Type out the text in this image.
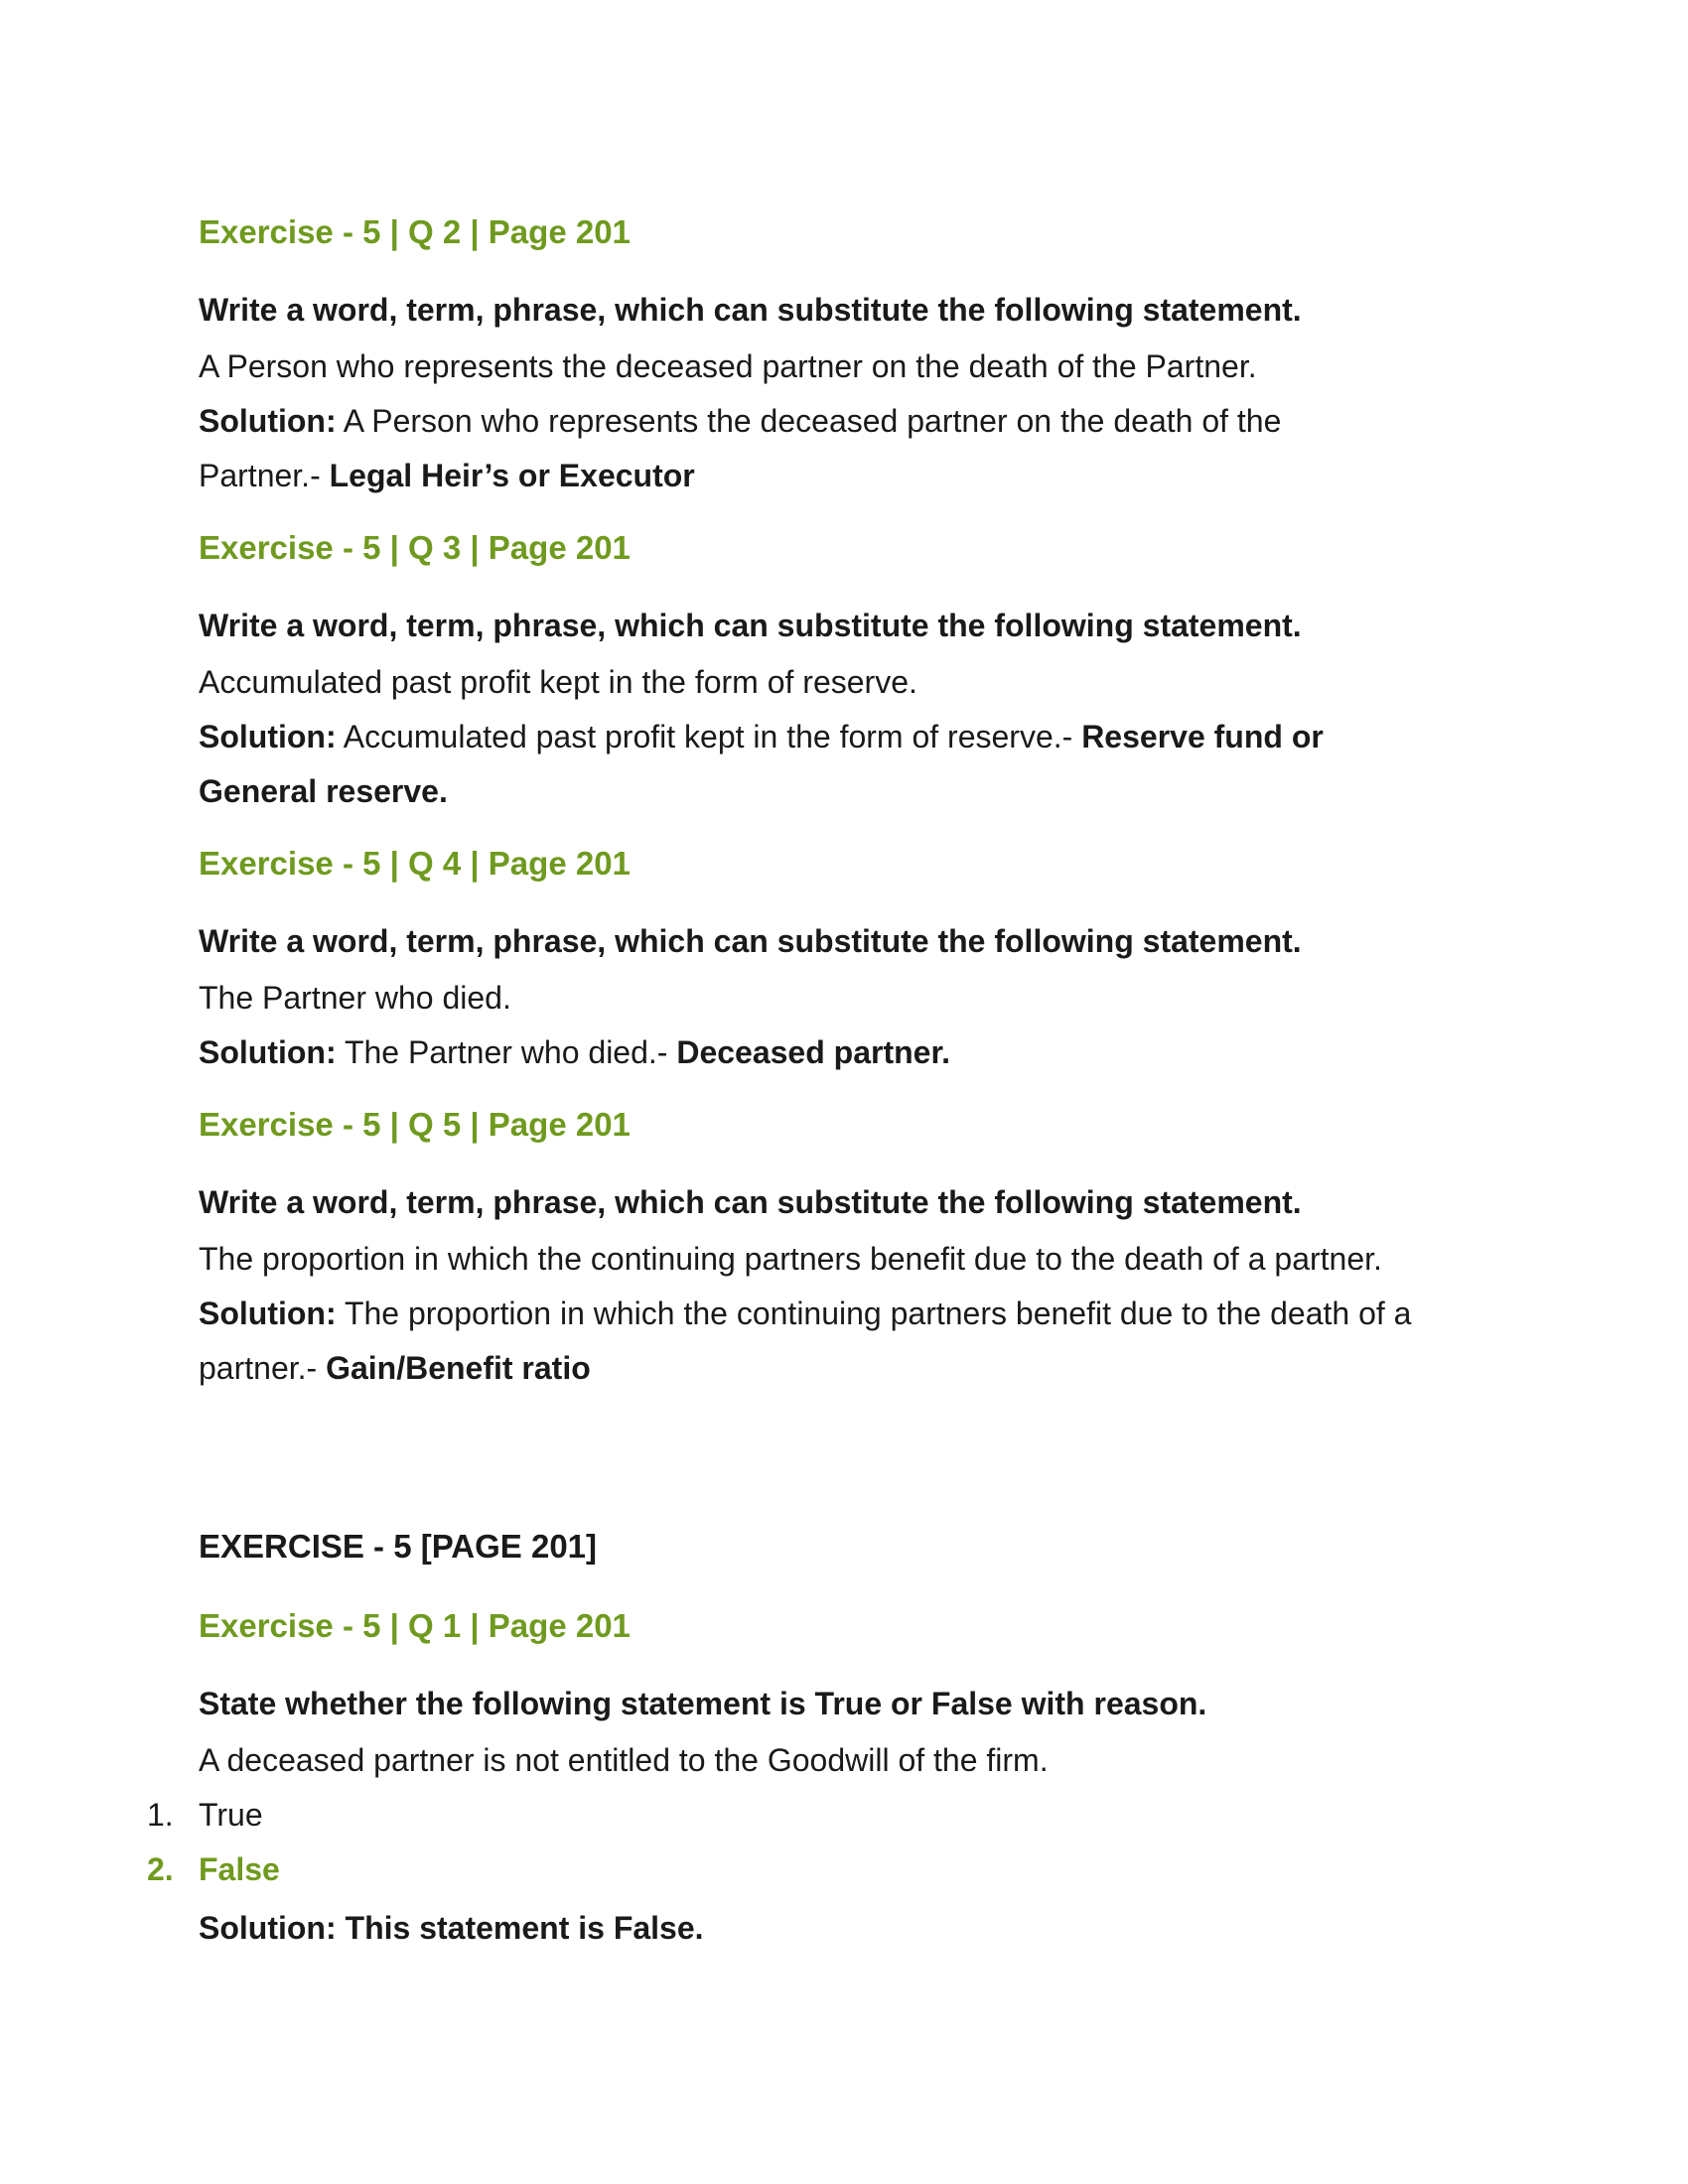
Exercise - 5 | Q 2 | Page 201

Write a word, term, phrase, which can substitute the following statement.

A Person who represents the deceased partner on the death of the Partner.

Solution: A Person who represents the deceased partner on the death of the

Partner.- Legal Heir’s or Executor

Exercise - 5 | Q 3 | Page 201

Write a word, term, phrase, which can substitute the following statement.

Accumulated past profit kept in the form of reserve.

Solution: Accumulated past profit kept in the form of reserve.- Reserve fund or

General reserve.

Exercise - 5 | Q 4 | Page 201

Write a word, term, phrase, which can substitute the following statement.

The Partner who died.

Solution: The Partner who died.- Deceased partner.

Exercise - 5 | Q 5 | Page 201

Write a word, term, phrase, which can substitute the following statement.

The proportion in which the continuing partners benefit due to the death of a partner.

Solution: The proportion in which the continuing partners benefit due to the death of a

partner.- Gain/Benefit ratio

EXERCISE - 5 [PAGE 201]

Exercise - 5 | Q 1 | Page 201

State whether the following statement is True or False with reason.

A deceased partner is not entitled to the Goodwill of the firm.

1. True

2. False

Solution: This statement is False.
